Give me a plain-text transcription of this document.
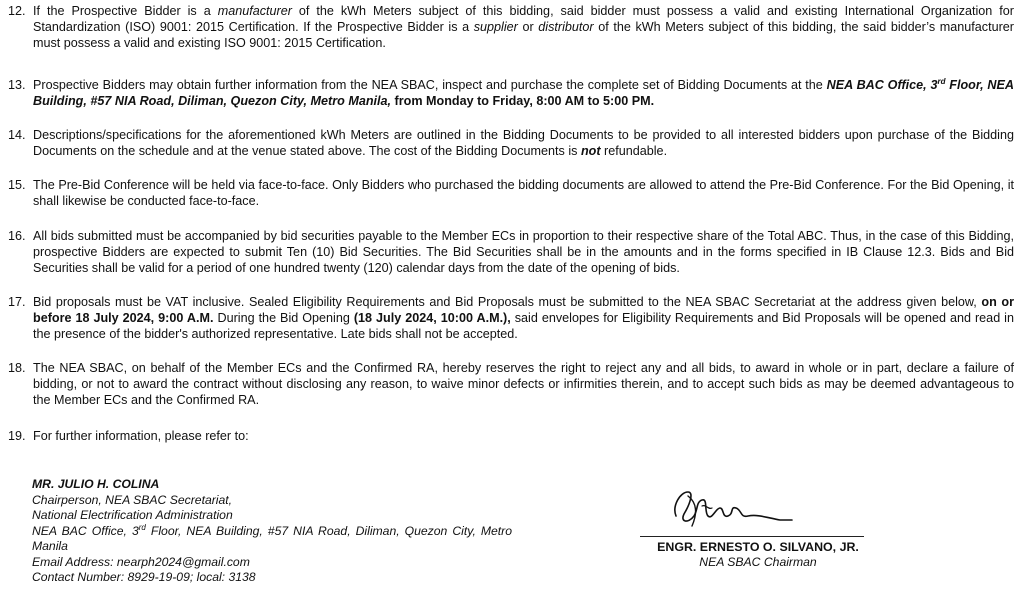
12. If the Prospective Bidder is a manufacturer of the kWh Meters subject of this bidding, said bidder must possess a valid and existing International Organization for Standardization (ISO) 9001: 2015 Certification. If the Prospective Bidder is a supplier or distributor of the kWh Meters subject of this bidding, the said bidder’s manufacturer must possess a valid and existing ISO 9001: 2015 Certification.
13. Prospective Bidders may obtain further information from the NEA SBAC, inspect and purchase the complete set of Bidding Documents at the NEA BAC Office, 3rd Floor, NEA Building, #57 NIA Road, Diliman, Quezon City, Metro Manila, from Monday to Friday, 8:00 AM to 5:00 PM.
14. Descriptions/specifications for the aforementioned kWh Meters are outlined in the Bidding Documents to be provided to all interested bidders upon purchase of the Bidding Documents on the schedule and at the venue stated above. The cost of the Bidding Documents is not refundable.
15. The Pre-Bid Conference will be held via face-to-face. Only Bidders who purchased the bidding documents are allowed to attend the Pre-Bid Conference. For the Bid Opening, it shall likewise be conducted face-to-face.
16. All bids submitted must be accompanied by bid securities payable to the Member ECs in proportion to their respective share of the Total ABC. Thus, in the case of this Bidding, prospective Bidders are expected to submit Ten (10) Bid Securities. The Bid Securities shall be in the amounts and in the forms specified in IB Clause 12.3. Bids and Bid Securities shall be valid for a period of one hundred twenty (120) calendar days from the date of the opening of bids.
17. Bid proposals must be VAT inclusive. Sealed Eligibility Requirements and Bid Proposals must be submitted to the NEA SBAC Secretariat at the address given below, on or before 18 July 2024, 9:00 A.M. During the Bid Opening (18 July 2024, 10:00 A.M.), said envelopes for Eligibility Requirements and Bid Proposals will be opened and read in the presence of the bidder's authorized representative. Late bids shall not be accepted.
18. The NEA SBAC, on behalf of the Member ECs and the Confirmed RA, hereby reserves the right to reject any and all bids, to award in whole or in part, declare a failure of bidding, or not to award the contract without disclosing any reason, to waive minor defects or infirmities therein, and to accept such bids as may be deemed advantageous to the Member ECs and the Confirmed RA.
19. For further information, please refer to:
MR. JULIO H. COLINA
Chairperson, NEA SBAC Secretariat,
National Electrification Administration
NEA BAC Office, 3rd Floor, NEA Building, #57 NIA Road, Diliman, Quezon City, Metro Manila
Email Address: nearph2024@gmail.com
Contact Number: 8929-19-09; local: 3138
ENGR. ERNESTO O. SILVANO, JR.
NEA SBAC Chairman
